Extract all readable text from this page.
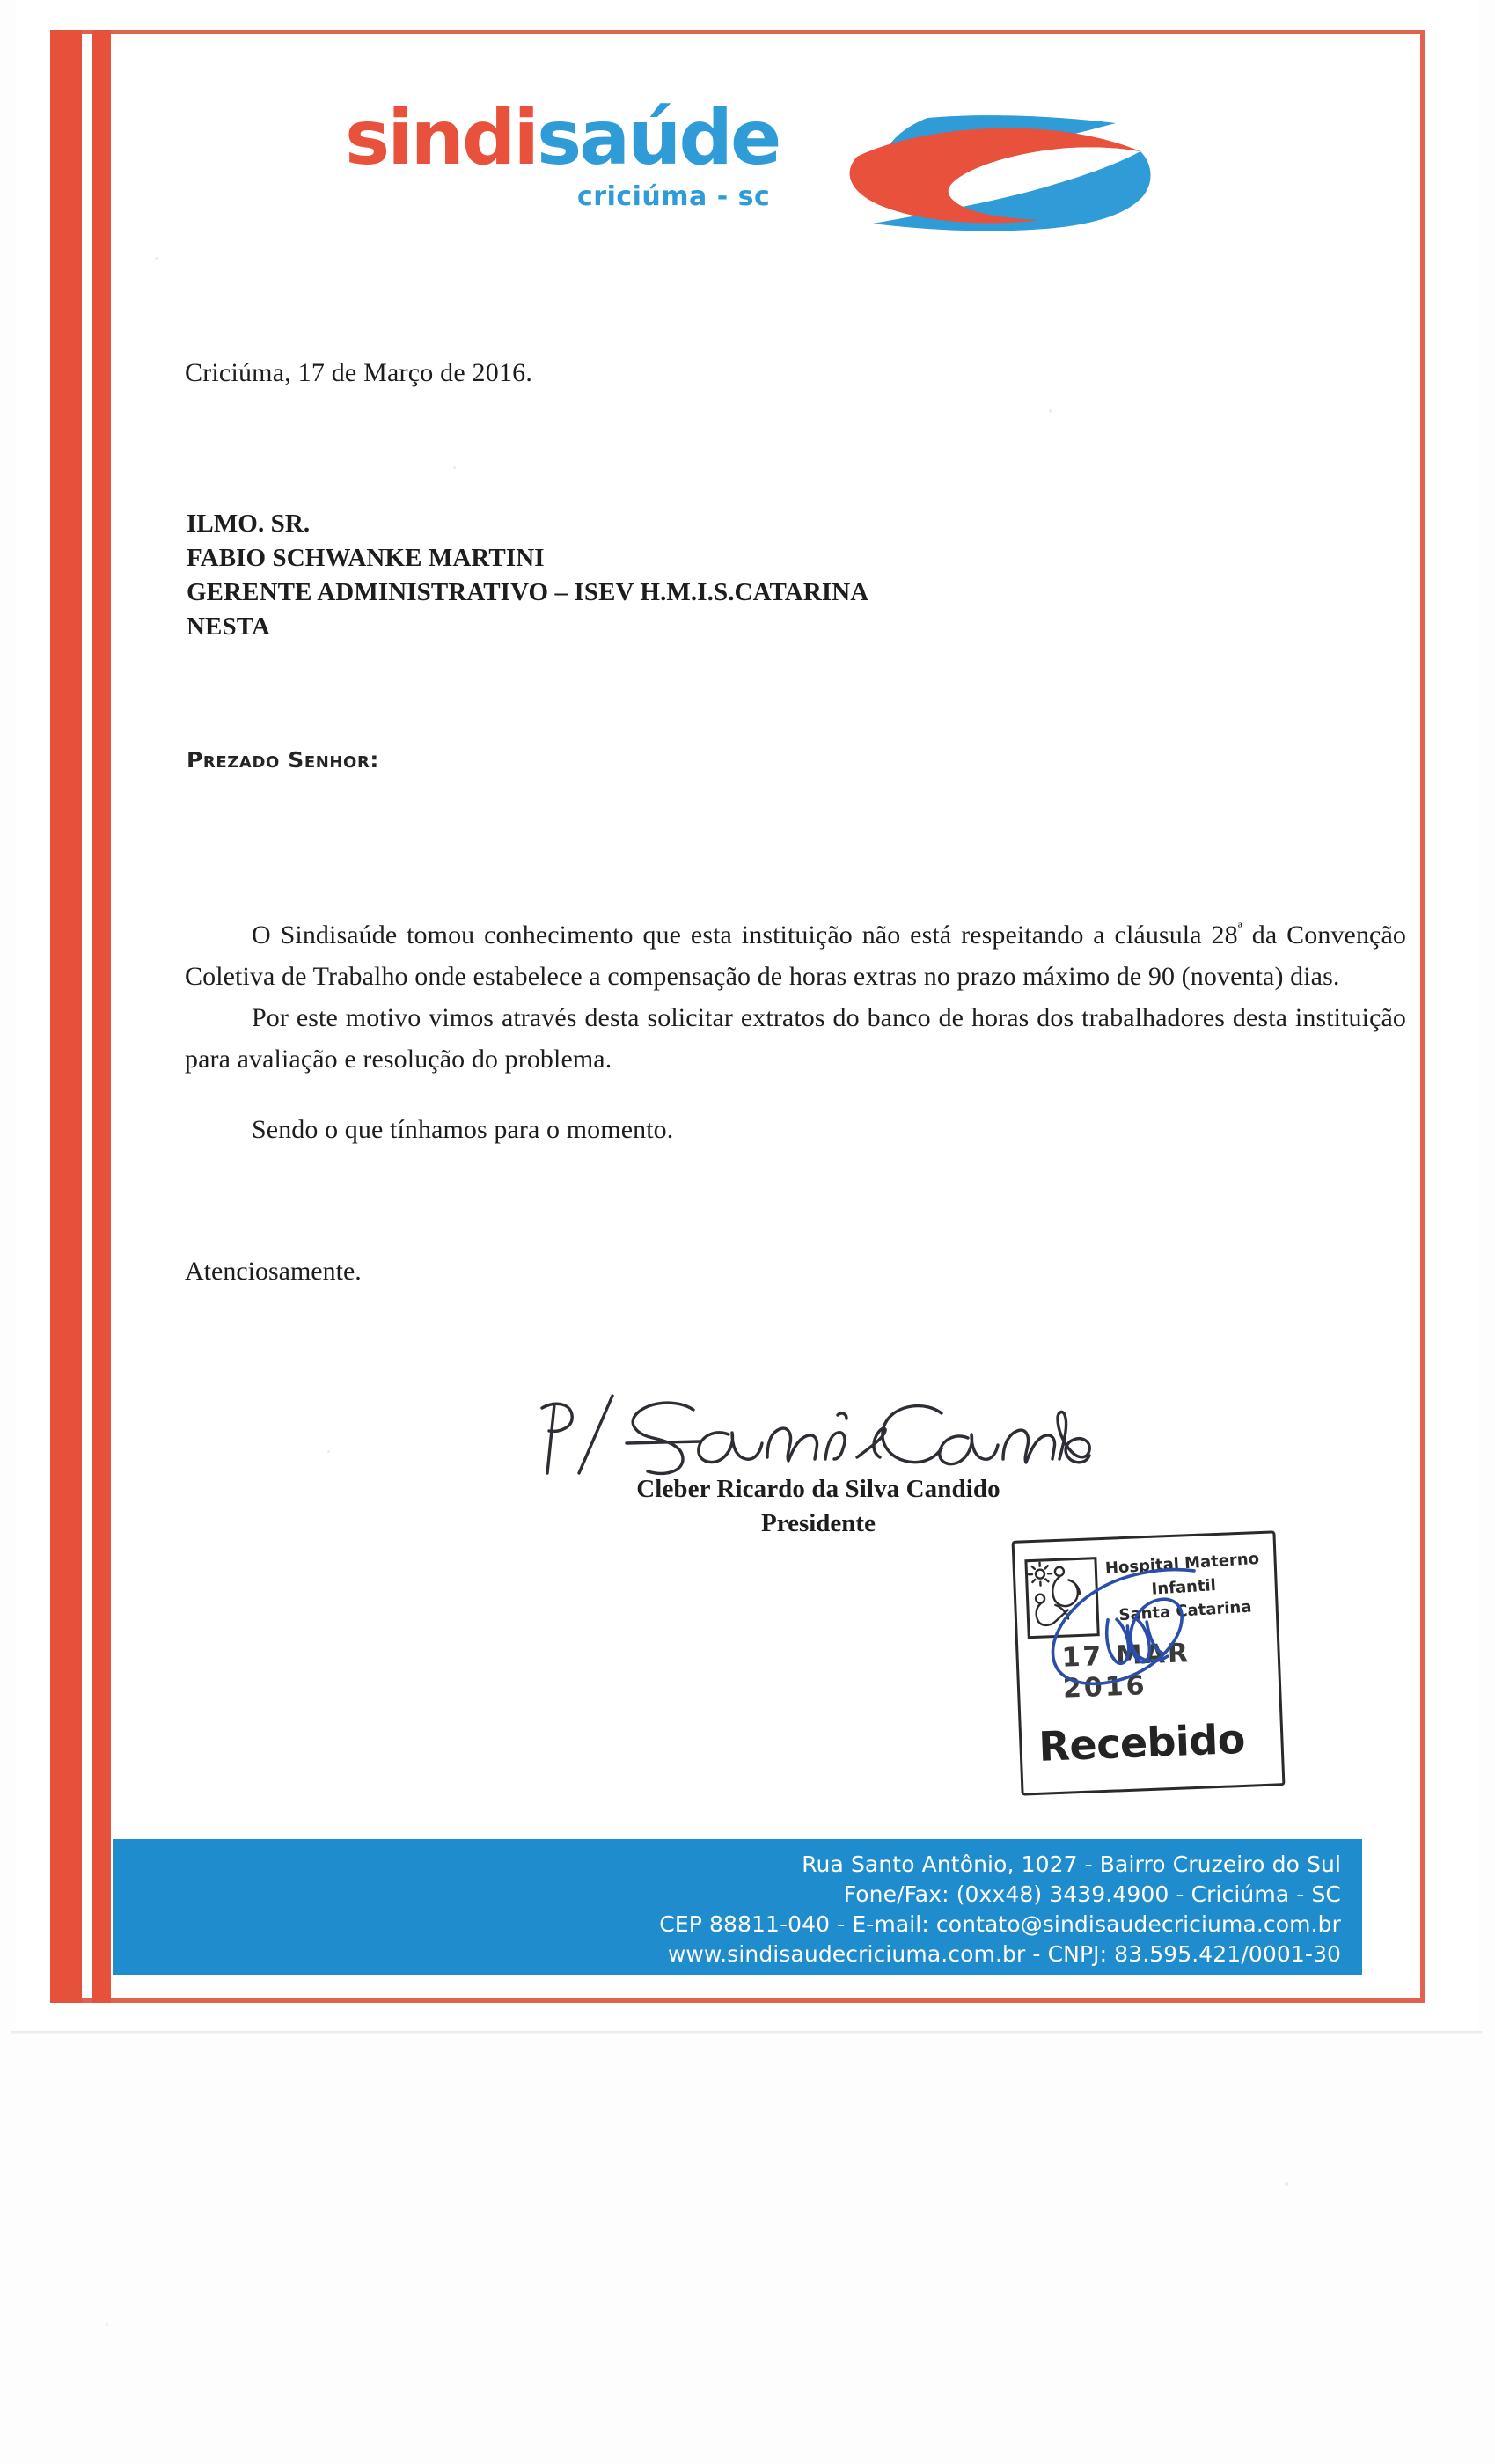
sindisaúde
criciúma - sc
Criciúma, 17 de Março de 2016.
ILMO. SR.
FABIO SCHWANKE MARTINI
GERENTE ADMINISTRATIVO – ISEV H.M.I.S.CATARINA
NESTA
Prezado Senhor:

O Sindisaúde tomou conhecimento que esta instituição não está respeitando a cláusula $28^ª$ da Convenção Coletiva de Trabalho onde estabelece a compensação de horas extras no prazo máximo de 90 (noventa) dias.

Por este motivo vimos através desta solicitar extratos do banco de horas dos trabalhadores desta instituição para avaliação e resolução do problema.

Sendo o que tínhamos para o momento.

Atenciosamente.
Cleber Ricardo da Silva Candido
Presidente
Hospital Materno Infantil
Santa Catarina
17 MAR 2016
Recebido
Rua Santo Antônio, 1027 - Bairro Cruzeiro do Sul
Fone/Fax: (0xx48) 3439.4900 - Criciúma - SC
CEP 88811-040 - E-mail: contato@sindisaudecriciuma.com.br
www.sindisaudecriciuma.com.br - CNPJ: 83.595.421/0001-30
